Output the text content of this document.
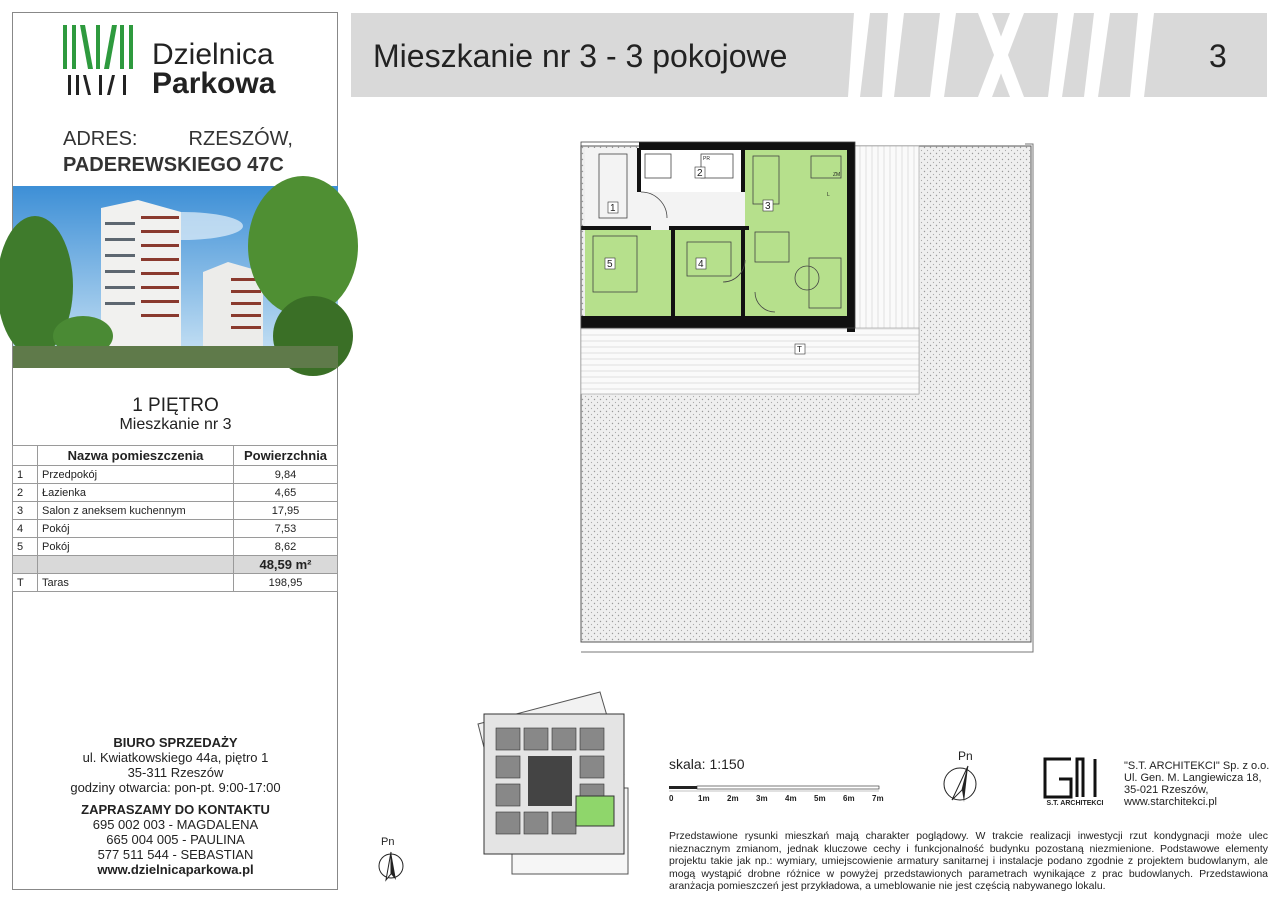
Dzielnica
Parkowa
ADRES:	RZESZÓW,
PADEREWSKIEGO 47C
1 PIĘTRO
Mieszkanie nr 3
	Nazwa pomieszczenia	Powierzchnia
1	Przedpokój	9,84
2	Łazienka	4,65
3	Salon z aneksem kuchennym	17,95
4	Pokój	7,53
5	Pokój	8,62
		48,59 m²
T	Taras	198,95
BIURO SPRZEDAŻY
ul. Kwiatkowskiego 44a, piętro 1
35-311 Rzeszów
godziny otwarcia: pon-pt. 9:00-17:00
ZAPRASZAMY DO KONTAKTU
695 002 003 - MAGDALENA
665 004 005 - PAULINA
577 511 544 - SEBASTIAN
www.dzielnicaparkowa.pl
Mieszkanie nr 3 - 3 pokojowe	3
1
2
3
4
5
T
PR
ZM
L
Pn
Pn
skala: 1:150
0	1m 2m 3m 4m 5m 6m 7m
S.T. ARCHITEKCI
"S.T. ARCHITEKCI" Sp. z o.o.
Ul. Gen. M. Langiewicza 18,
35-021 Rzeszów,
www.starchitekci.pl
Przedstawione rysunki mieszkań mają charakter poglądowy. W trakcie realizacji inwestycji rzut kondygnacji może ulec nieznacznym zmianom, jednak kluczowe cechy i funkcjonalność budynku pozostaną niezmienione. Podstawowe elementy projektu takie jak np.: wymiary, umiejscowienie armatury sanitarnej i instalacje podano zgodnie z projektem budowlanym, ale mogą wystąpić drobne różnice w powyżej przedstawionych parametrach wynikające z prac budowlanych. Przedstawiona aranżacja pomieszczeń jest przykładowa, a umeblowanie nie jest częścią nabywanego lokalu.
